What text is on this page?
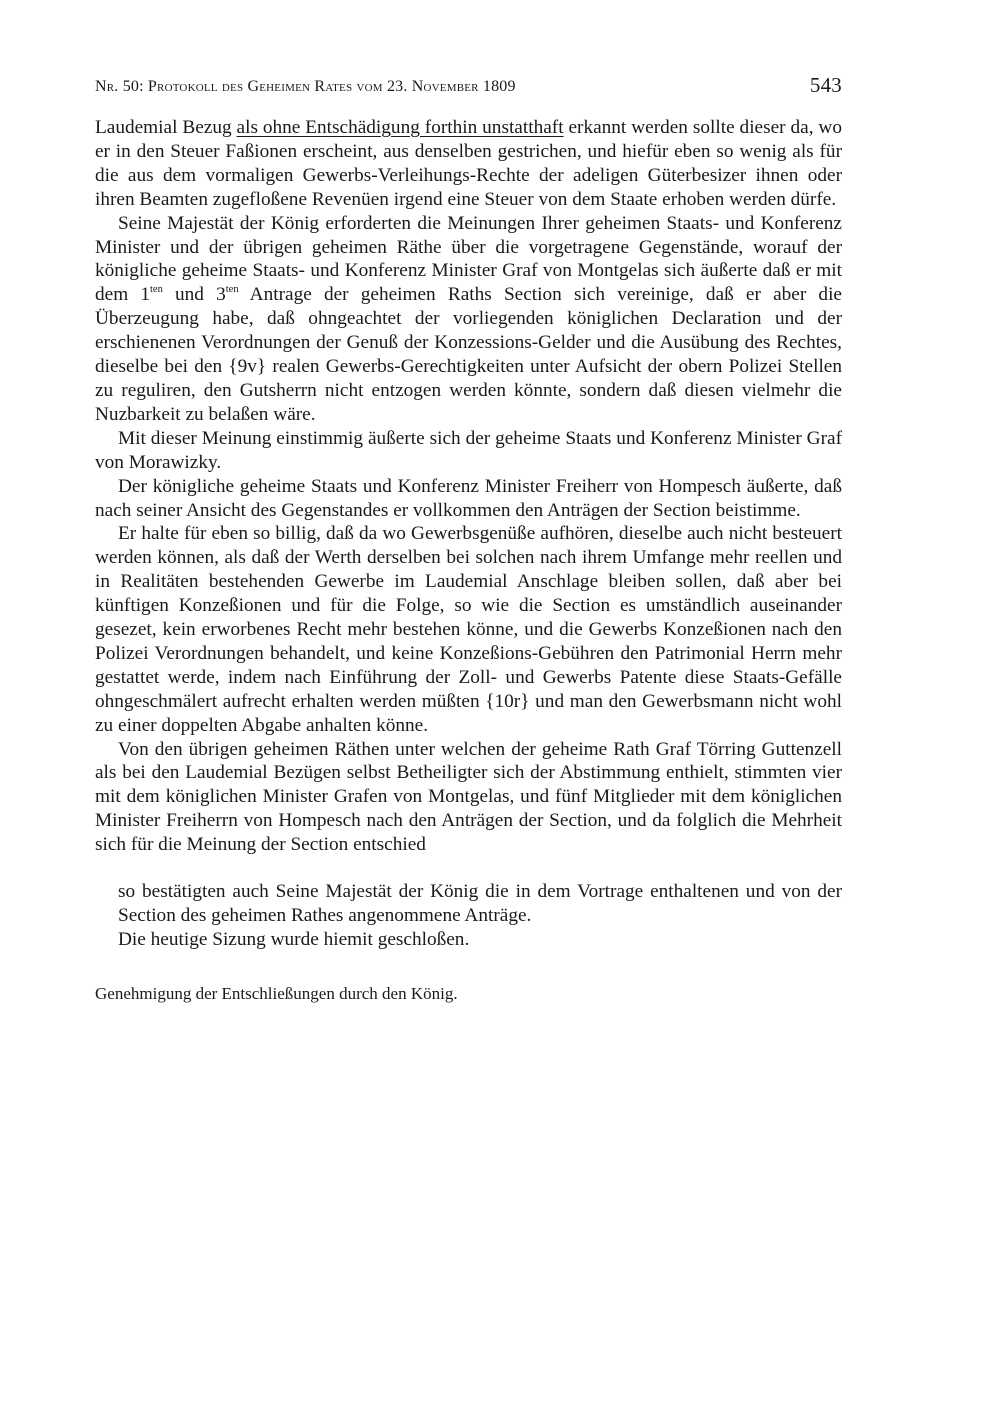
Nr. 50: Protokoll des Geheimen Rates vom 23. November 1809	543

Laudemial Bezug als ohne Entschädigung forthin unstatthaft erkannt werden sollte dieser da, wo er in den Steuer Faßionen erscheint, aus denselben gestrichen, und hiefür eben so wenig als für die aus dem vormaligen Gewerbs-Verleihungs-Rechte der adeligen Güterbesizer ihnen oder ihren Beamten zugefloßene Revenüen irgend eine Steuer von dem Staate erhoben werden dürfe.

Seine Majestät der König erforderten die Meinungen Ihrer geheimen Staats- und Konferenz Minister und der übrigen geheimen Räthe über die vorgetragene Gegenstände, worauf der königliche geheime Staats- und Konferenz Minister Graf von Montgelas sich äußerte daß er mit dem $1^{ten}$ und $3^{ten}$ Antrage der geheimen Raths Section sich vereinige, daß er aber die Überzeugung habe, daß ohngeachtet der vorliegenden königlichen Declaration und der erschienenen Verordnungen der Genuß der Konzessions-Gelder und die Ausübung des Rechtes, dieselbe bei den {9v} realen Gewerbs-Gerechtigkeiten unter Aufsicht der obern Polizei Stellen zu reguliren, den Gutsherrn nicht entzogen werden könnte, sondern daß diesen vielmehr die Nuzbarkeit zu belaßen wäre.

Mit dieser Meinung einstimmig äußerte sich der geheime Staats und Konferenz Minister Graf von Morawizky.

Der königliche geheime Staats und Konferenz Minister Freiherr von Hompesch äußerte, daß nach seiner Ansicht des Gegenstandes er vollkommen den Anträgen der Section beistimme.

Er halte für eben so billig, daß da wo Gewerbsgenüße aufhören, dieselbe auch nicht besteuert werden können, als daß der Werth derselben bei solchen nach ihrem Umfange mehr reellen und in Realitäten bestehenden Gewerbe im Laudemial Anschlage bleiben sollen, daß aber bei künftigen Konzeßionen und für die Folge, so wie die Section es umständlich auseinander gesezet, kein erworbenes Recht mehr bestehen könne, und die Gewerbs Konzeßionen nach den Polizei Verordnungen behandelt, und keine Konzeßions-Gebühren den Patrimonial Herrn mehr gestattet werde, indem nach Einführung der Zoll- und Gewerbs Patente diese Staats-Gefälle ohngeschmälert aufrecht erhalten werden müßten {10r} und man den Gewerbsmann nicht wohl zu einer doppelten Abgabe anhalten könne.

Von den übrigen geheimen Räthen unter welchen der geheime Rath Graf Törring Guttenzell als bei den Laudemial Bezügen selbst Betheiligter sich der Abstimmung enthielt, stimmten vier mit dem königlichen Minister Grafen von Montgelas, und fünf Mitglieder mit dem königlichen Minister Freiherrn von Hompesch nach den Anträgen der Section, und da folglich die Mehrheit sich für die Meinung der Section entschied

so bestätigten auch Seine Majestät der König die in dem Vortrage enthaltenen und von der Section des geheimen Rathes angenommene Anträge.

Die heutige Sizung wurde hiemit geschloßen.

Genehmigung der Entschließungen durch den König.
